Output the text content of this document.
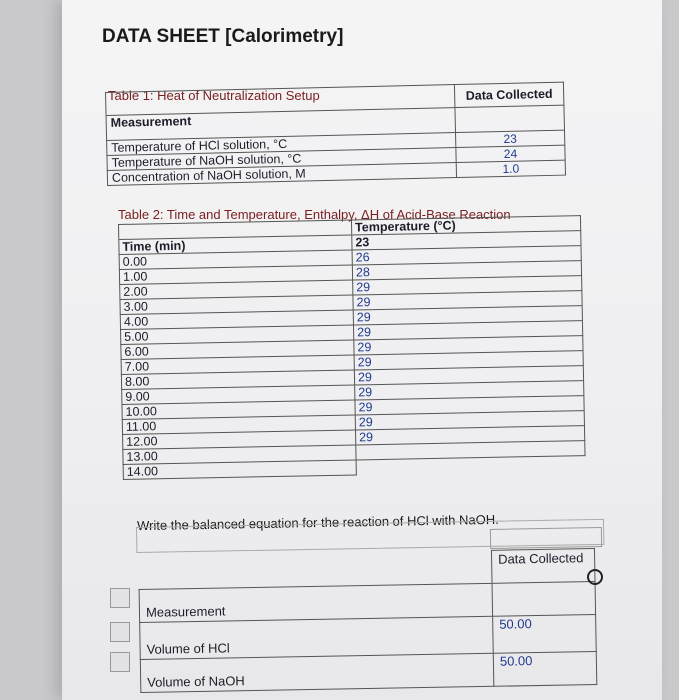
DATA SHEET [Calorimetry]
Table 1: Heat of Neutralization Setup
		Data Collected
Measurement	
Temperature of HCl solution, °C	23
Temperature of NaOH solution, °C	24
Concentration of NaOH solution, M	1.0
Table 2: Time and Temperature, Enthalpy, ΔH of Acid-Base Reaction
	Temperature (°C)
Time (min)	23
0.00	26
1.00	28
2.00	29
3.00	29
4.00	29
5.00	29
6.00	29
7.00	29
8.00	29
9.00	29
10.00	29
11.00	29
12.00	29
13.00	
14.00	
Write the balanced equation for the reaction of HCl with NaOH.
	Data Collected
Measurement	
Volume of HCl	50.00
Volume of NaOH	50.00
